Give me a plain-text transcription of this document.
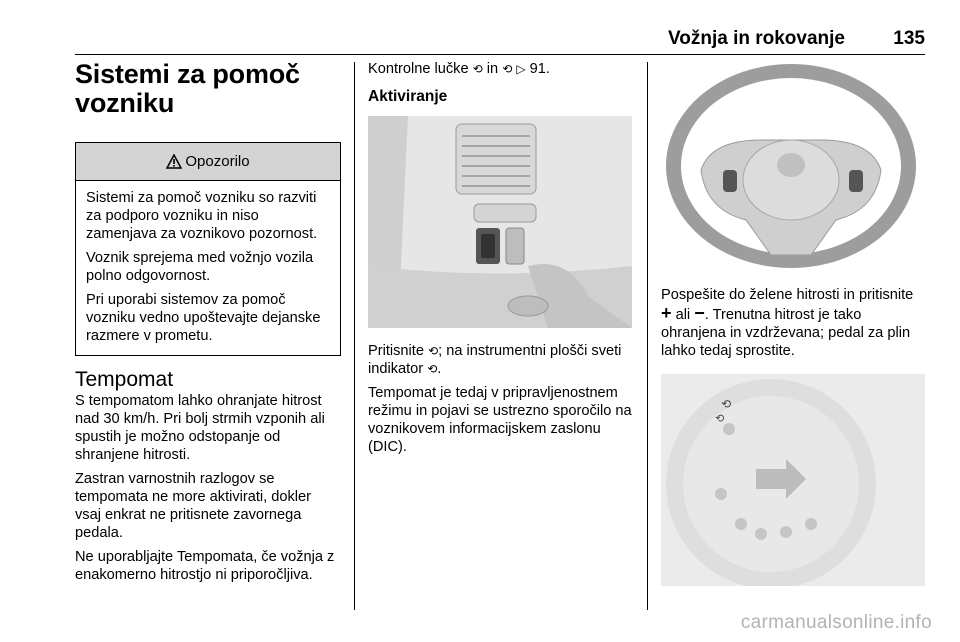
Vožnja in rokovanje	135
Sistemi za pomoč
vozniku
Opozorilo

Sistemi za pomoč vozniku so razviti za podporo vozniku in niso zamenjava za voznikovo pozornost.

Voznik sprejema med vožnjo vozila polno odgovornost.

Pri uporabi sistemov za pomoč vozniku vedno upoštevajte dejanske razmere v prometu.

Tempomat

S tempomatom lahko ohranjate hitrost nad 30 km/h. Pri bolj strmih vzponih ali spustih je možno odstopanje od shranjene hitrosti.

Zastran varnostnih razlogov se tempomata ne more aktivirati, dokler vsaj enkrat ne pritisnete zavornega pedala.

Ne uporabljajte Tempomata, če vožnja z enakomerno hitrostjo ni priporočljiva.

Kontrolne lučke ⟲ in ⟲ ▷ 91.

Aktiviranje

Pritisnite ⟲; na instrumentni plošči sveti indikator ⟲.

Tempomat je tedaj v pripravljenostnem režimu in pojavi se ustrezno sporočilo na voznikovem informacijskem zaslonu (DIC).

Pospešite do želene hitrosti in pritisnite + ali −. Trenutna hitrost je tako ohranjena in vzdrževana; pedal za plin lahko tedaj sprostite.

⟲
⟲
carmanualsonline.info
